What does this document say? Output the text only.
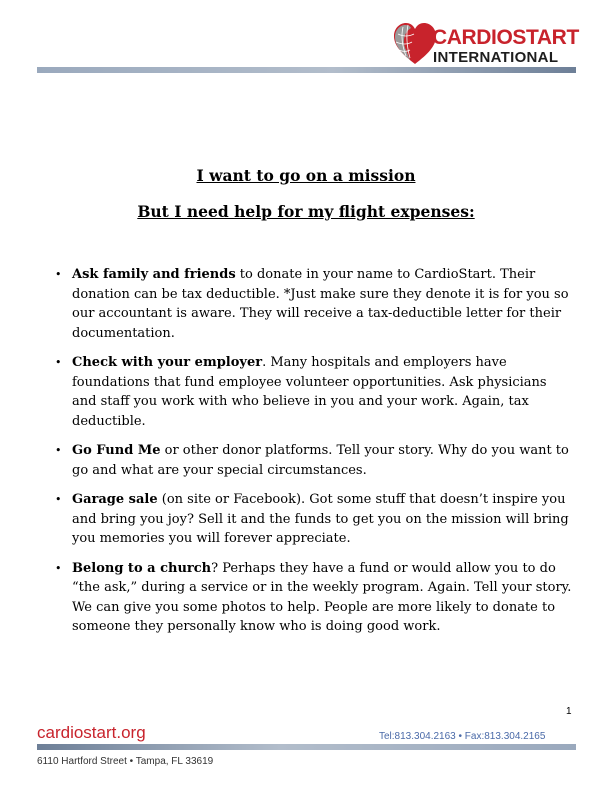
CARDIOSTART
INTERNATIONAL
I want to go on a mission
But I need help for my flight expenses:
• Ask family and friends to donate in your name to CardioStart. Their donation can be tax deductible. *Just make sure they denote it is for you so our accountant is aware. They will receive a tax-deductible letter for their documentation.
• Check with your employer. Many hospitals and employers have foundations that fund employee volunteer opportunities. Ask physicians and staff you work with who believe in you and your work. Again, tax deductible.
• Go Fund Me or other donor platforms. Tell your story. Why do you want to go and what are your special circumstances.
• Garage sale (on site or Facebook). Got some stuff that doesn’t inspire you and bring you joy? Sell it and the funds to get you on the mission will bring you memories you will forever appreciate.
• Belong to a church? Perhaps they have a fund or would allow you to do “the ask,” during a service or in the weekly program. Again. Tell your story. We can give you some photos to help. People are more likely to donate to someone they personally know who is doing good work.
1
cardiostart.org	Tel:813.304.2163 • Fax:813.304.2165
6110 Hartford Street • Tampa, FL 33619
